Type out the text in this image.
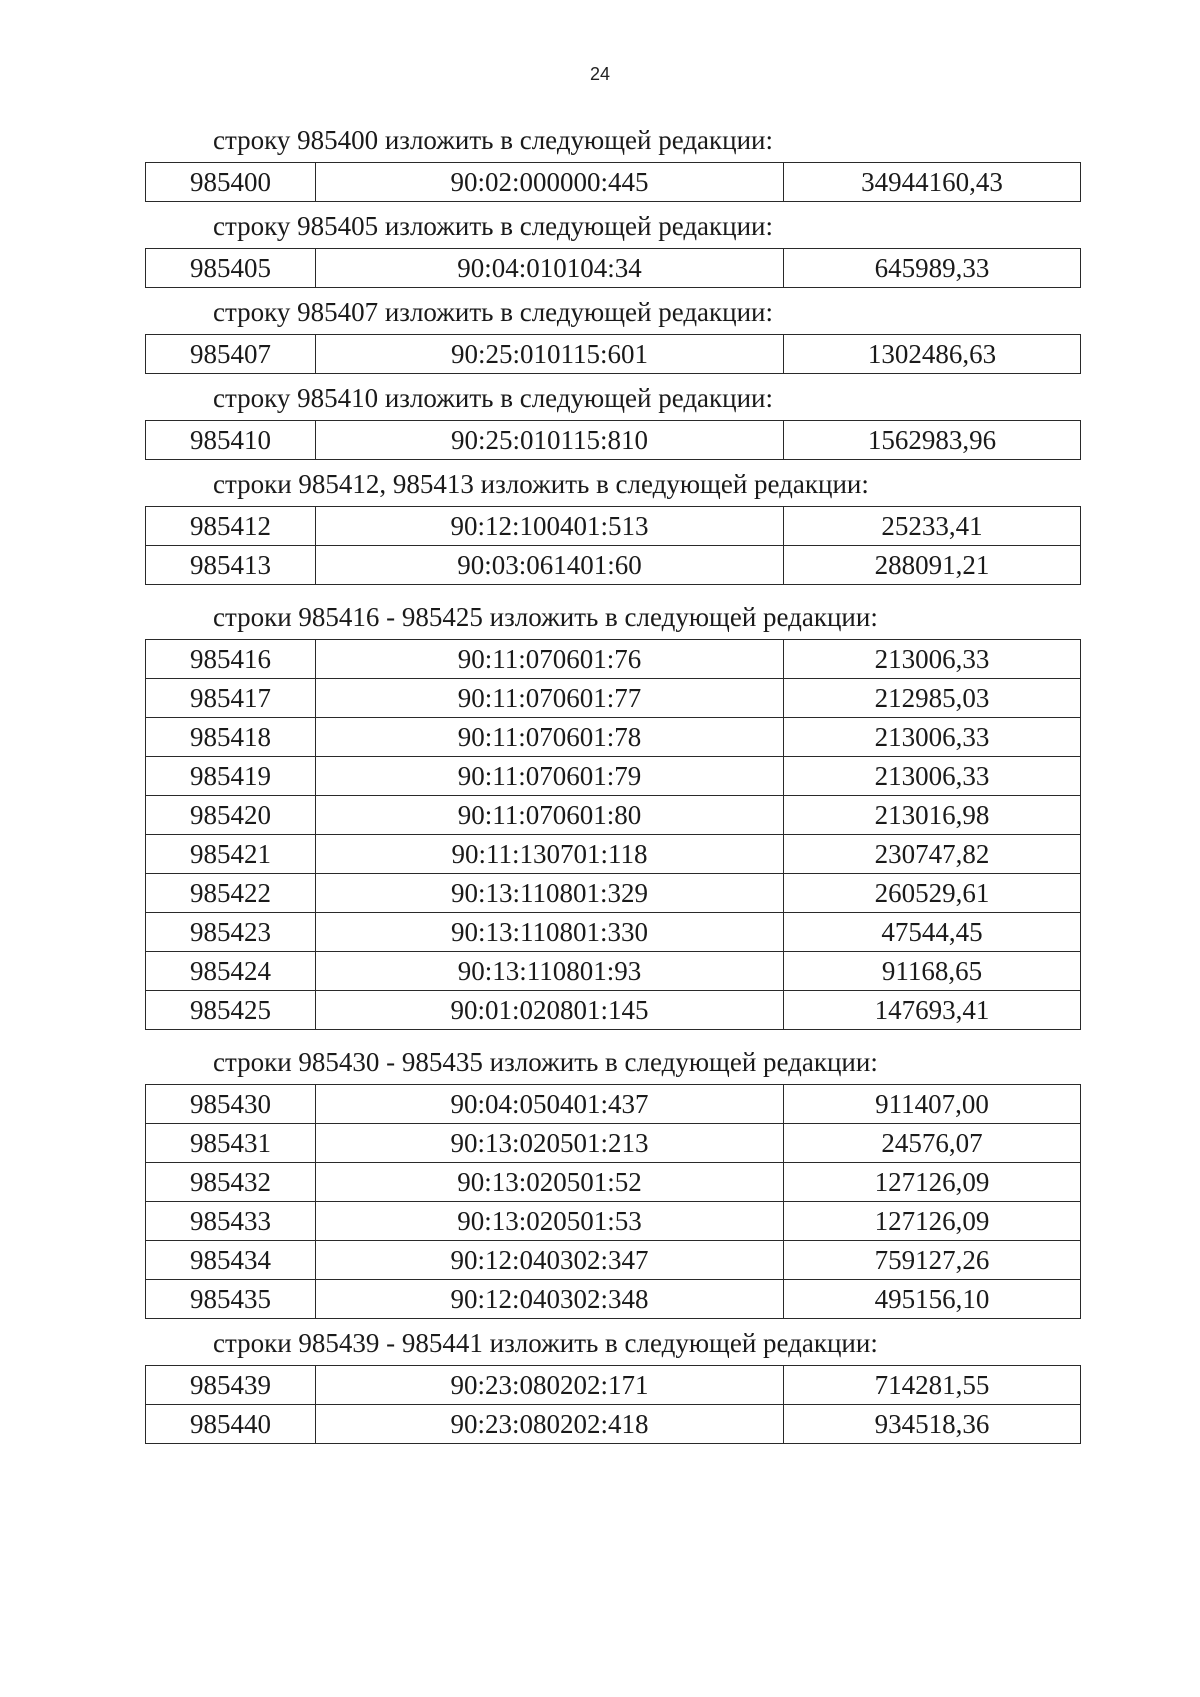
24
строку 985400 изложить в следующей редакции:
985400	90:02:000000:445	34944160,43
строку 985405 изложить в следующей редакции:
985405	90:04:010104:34	645989,33
строку 985407 изложить в следующей редакции:
985407	90:25:010115:601	1302486,63
строку 985410 изложить в следующей редакции:
985410	90:25:010115:810	1562983,96
строки 985412, 985413 изложить в следующей редакции:
985412	90:12:100401:513	25233,41
985413	90:03:061401:60	288091,21
строки 985416 - 985425 изложить в следующей редакции:
985416	90:11:070601:76	213006,33
985417	90:11:070601:77	212985,03
985418	90:11:070601:78	213006,33
985419	90:11:070601:79	213006,33
985420	90:11:070601:80	213016,98
985421	90:11:130701:118	230747,82
985422	90:13:110801:329	260529,61
985423	90:13:110801:330	47544,45
985424	90:13:110801:93	91168,65
985425	90:01:020801:145	147693,41
строки 985430 - 985435 изложить в следующей редакции:
985430	90:04:050401:437	911407,00
985431	90:13:020501:213	24576,07
985432	90:13:020501:52	127126,09
985433	90:13:020501:53	127126,09
985434	90:12:040302:347	759127,26
985435	90:12:040302:348	495156,10
строки 985439 - 985441 изложить в следующей редакции:
985439	90:23:080202:171	714281,55
985440	90:23:080202:418	934518,36
